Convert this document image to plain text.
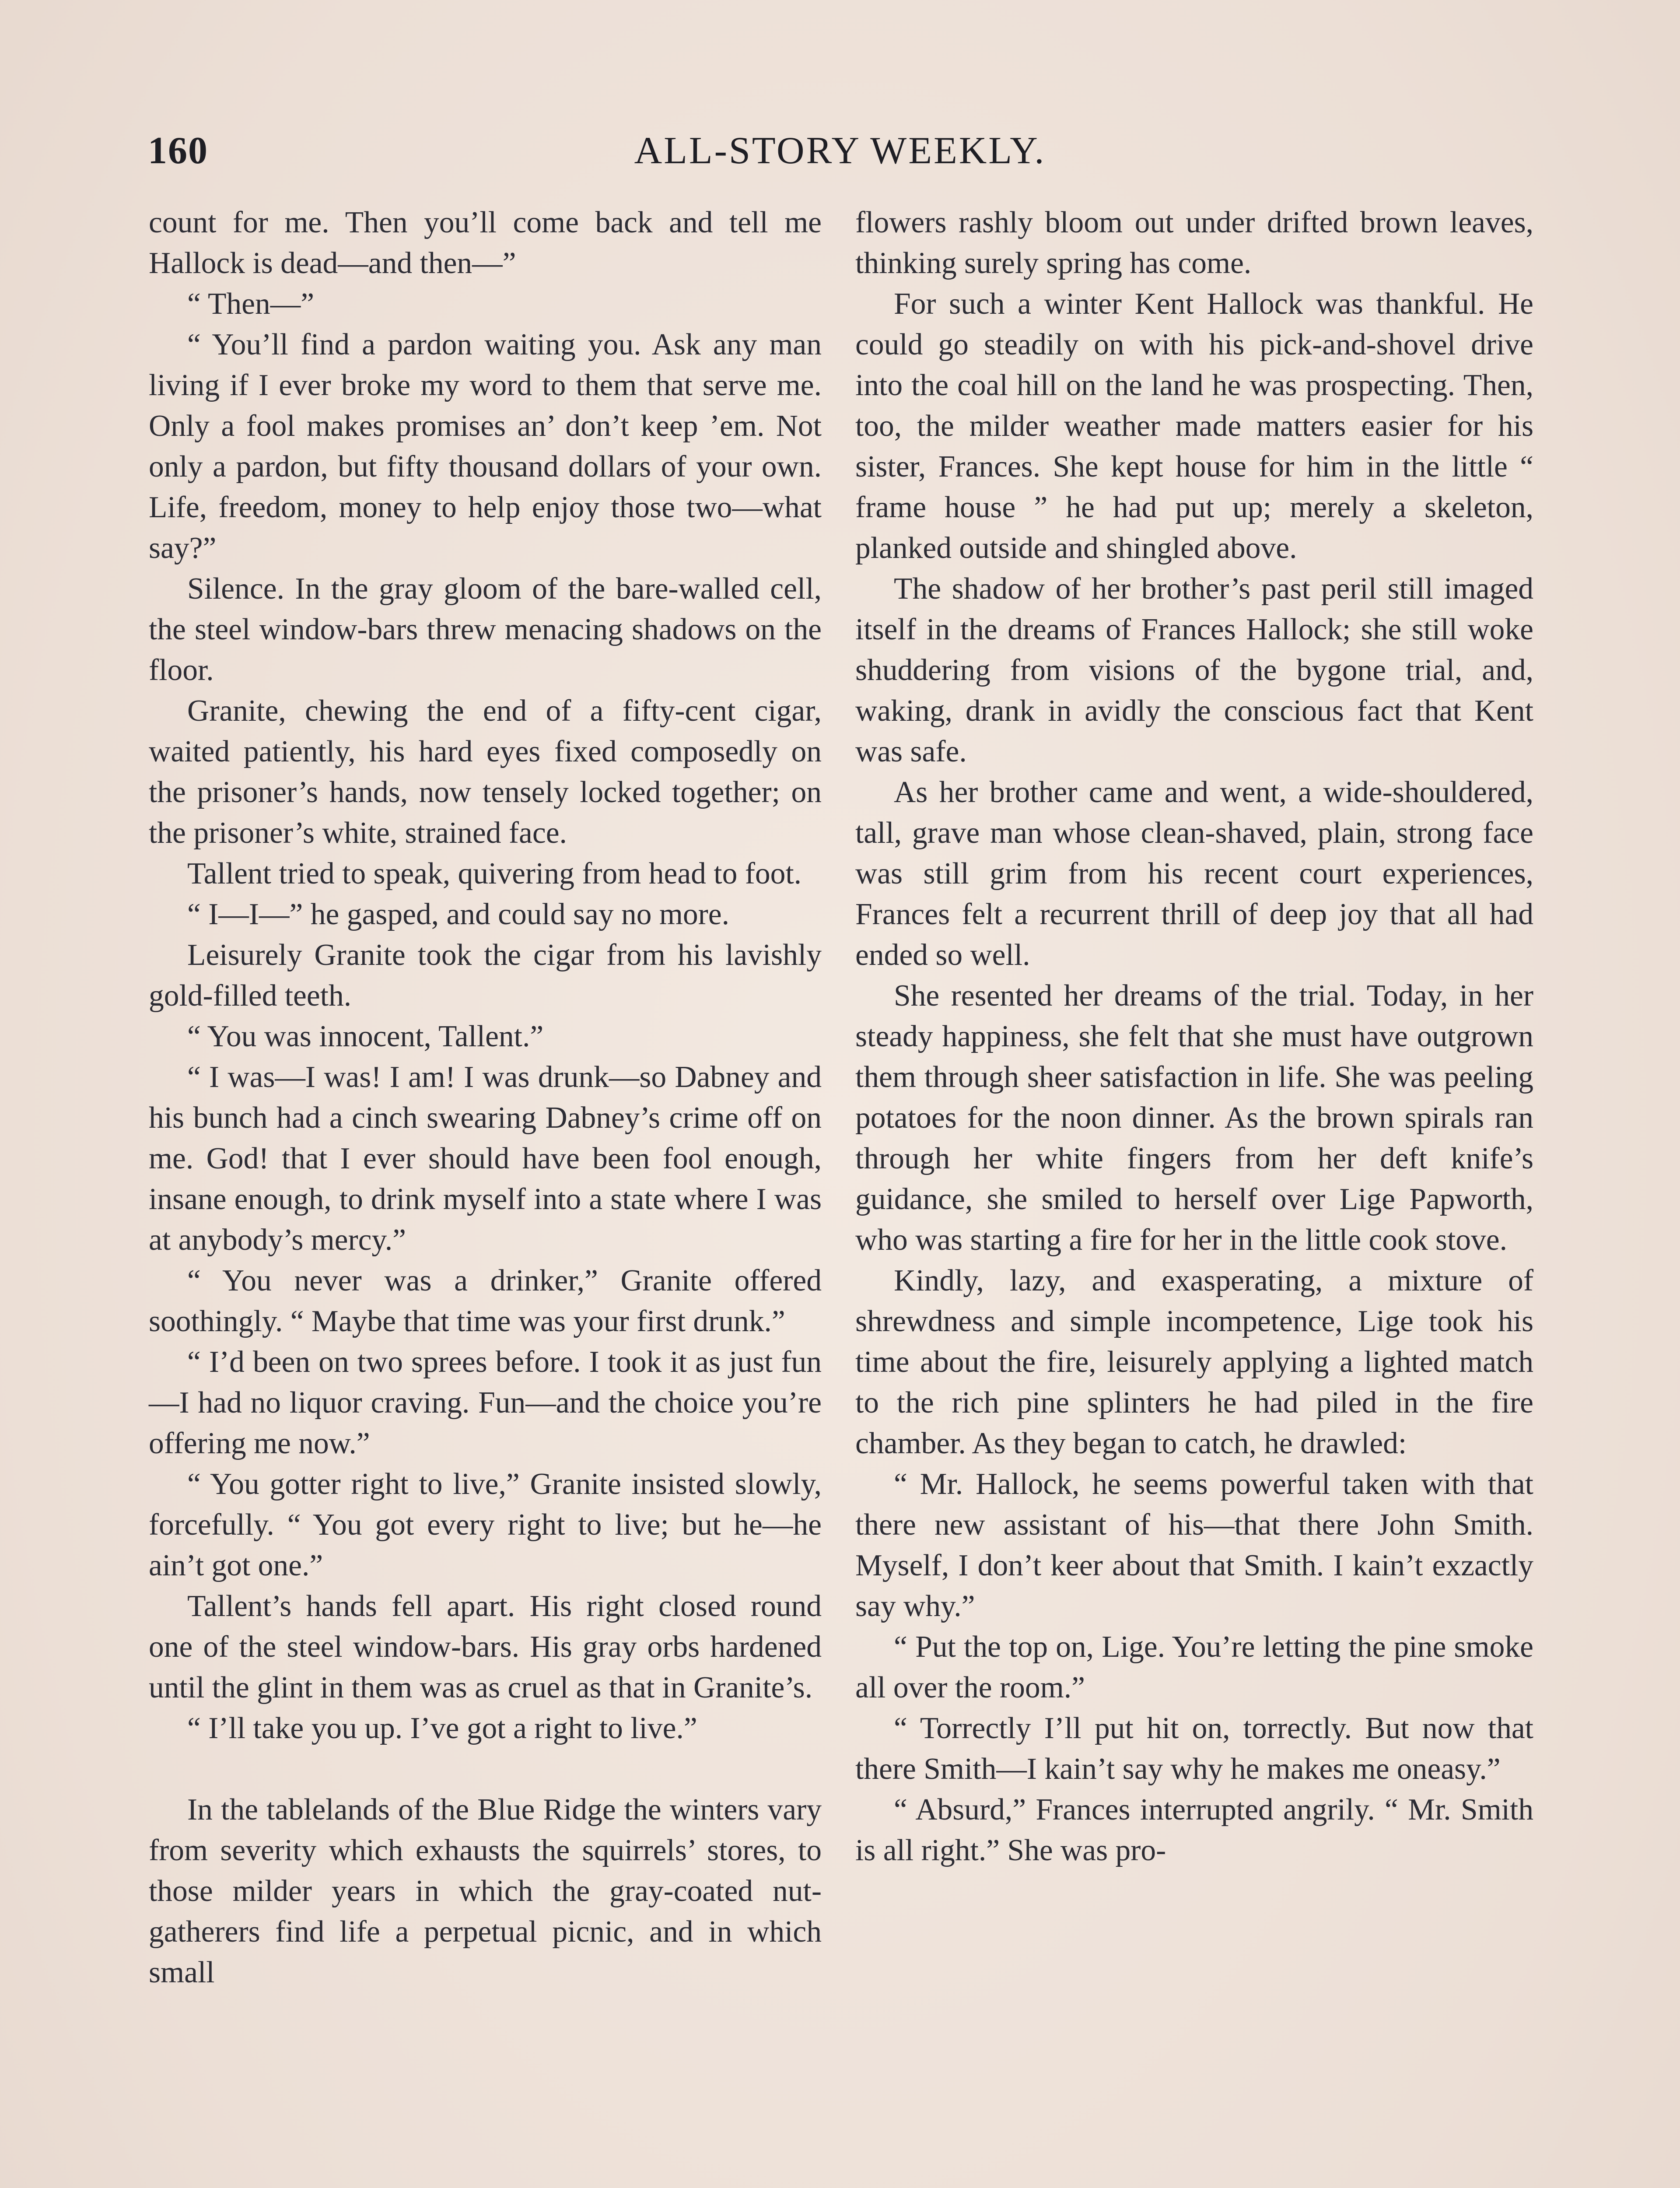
160	ALL-STORY WEEKLY.

count for me. Then you’ll come back and tell me Hallock is dead—and then—”

“ Then—”

“ You’ll find a pardon waiting you. Ask any man living if I ever broke my word to them that serve me. Only a fool makes promises an’ don’t keep ’em. Not only a pardon, but fifty thousand dollars of your own. Life, freedom, money to help enjoy those two—what say?”

Silence. In the gray gloom of the bare-walled cell, the steel window-bars threw menacing shadows on the floor.

Granite, chewing the end of a fifty-cent cigar, waited patiently, his hard eyes fixed composedly on the prisoner’s hands, now tensely locked together; on the prisoner’s white, strained face.

Tallent tried to speak, quivering from head to foot.

“ I—I—” he gasped, and could say no more.

Leisurely Granite took the cigar from his lavishly gold-filled teeth.

“ You was innocent, Tallent.”

“ I was—I was! I am! I was drunk—so Dabney and his bunch had a cinch swearing Dabney’s crime off on me. God! that I ever should have been fool enough, insane enough, to drink myself into a state where I was at anybody’s mercy.”

“ You never was a drinker,” Granite offered soothingly. “ Maybe that time was your first drunk.”

“ I’d been on two sprees before. I took it as just fun—I had no liquor craving. Fun—and the choice you’re offering me now.”

“ You gotter right to live,” Granite insisted slowly, forcefully. “ You got every right to live; but he—he ain’t got one.”

Tallent’s hands fell apart. His right closed round one of the steel window-bars. His gray orbs hardened until the glint in them was as cruel as that in Granite’s.

“ I’ll take you up. I’ve got a right to live.”

In the tablelands of the Blue Ridge the winters vary from severity which exhausts the squirrels’ stores, to those milder years in which the gray-coated nut-gatherers find life a perpetual picnic, and in which small

flowers rashly bloom out under drifted brown leaves, thinking surely spring has come.

For such a winter Kent Hallock was thankful. He could go steadily on with his pick-and-shovel drive into the coal hill on the land he was prospecting. Then, too, the milder weather made matters easier for his sister, Frances. She kept house for him in the little “ frame house ” he had put up; merely a skeleton, planked outside and shingled above.

The shadow of her brother’s past peril still imaged itself in the dreams of Frances Hallock; she still woke shuddering from visions of the bygone trial, and, waking, drank in avidly the conscious fact that Kent was safe.

As her brother came and went, a wide-shouldered, tall, grave man whose clean-shaved, plain, strong face was still grim from his recent court experiences, Frances felt a recurrent thrill of deep joy that all had ended so well.

She resented her dreams of the trial. Today, in her steady happiness, she felt that she must have outgrown them through sheer satisfaction in life. She was peeling potatoes for the noon dinner. As the brown spirals ran through her white fingers from her deft knife’s guidance, she smiled to herself over Lige Papworth, who was starting a fire for her in the little cook stove.

Kindly, lazy, and exasperating, a mixture of shrewdness and simple incompetence, Lige took his time about the fire, leisurely applying a lighted match to the rich pine splinters he had piled in the fire chamber. As they began to catch, he drawled:

“ Mr. Hallock, he seems powerful taken with that there new assistant of his—that there John Smith. Myself, I don’t keer about that Smith. I kain’t exzactly say why.”

“ Put the top on, Lige. You’re letting the pine smoke all over the room.”

“ Torrectly I’ll put hit on, torrectly. But now that there Smith—I kain’t say why he makes me oneasy.”

“ Absurd,” Frances interrupted angrily. “ Mr. Smith is all right.” She was pro-
